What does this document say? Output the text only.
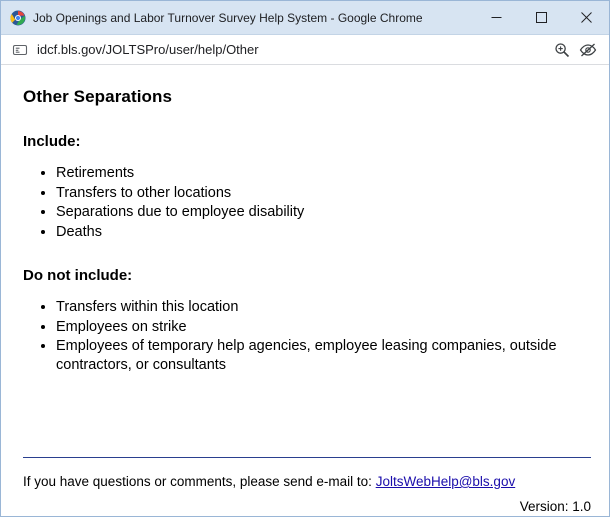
Job Openings and Labor Turnover Survey Help System - Google Chrome
idcf.bls.gov/JOLTSPro/user/help/Other
Other Separations
Include:
• Retirements
• Transfers to other locations
• Separations due to employee disability
• Deaths
Do not include:
• Transfers within this location
• Employees on strike
• Employees of temporary help agencies, employee leasing companies, outside contractors, or consultants
If you have questions or comments, please send e-mail to: JoltsWebHelp@bls.gov
Version: 1.0
